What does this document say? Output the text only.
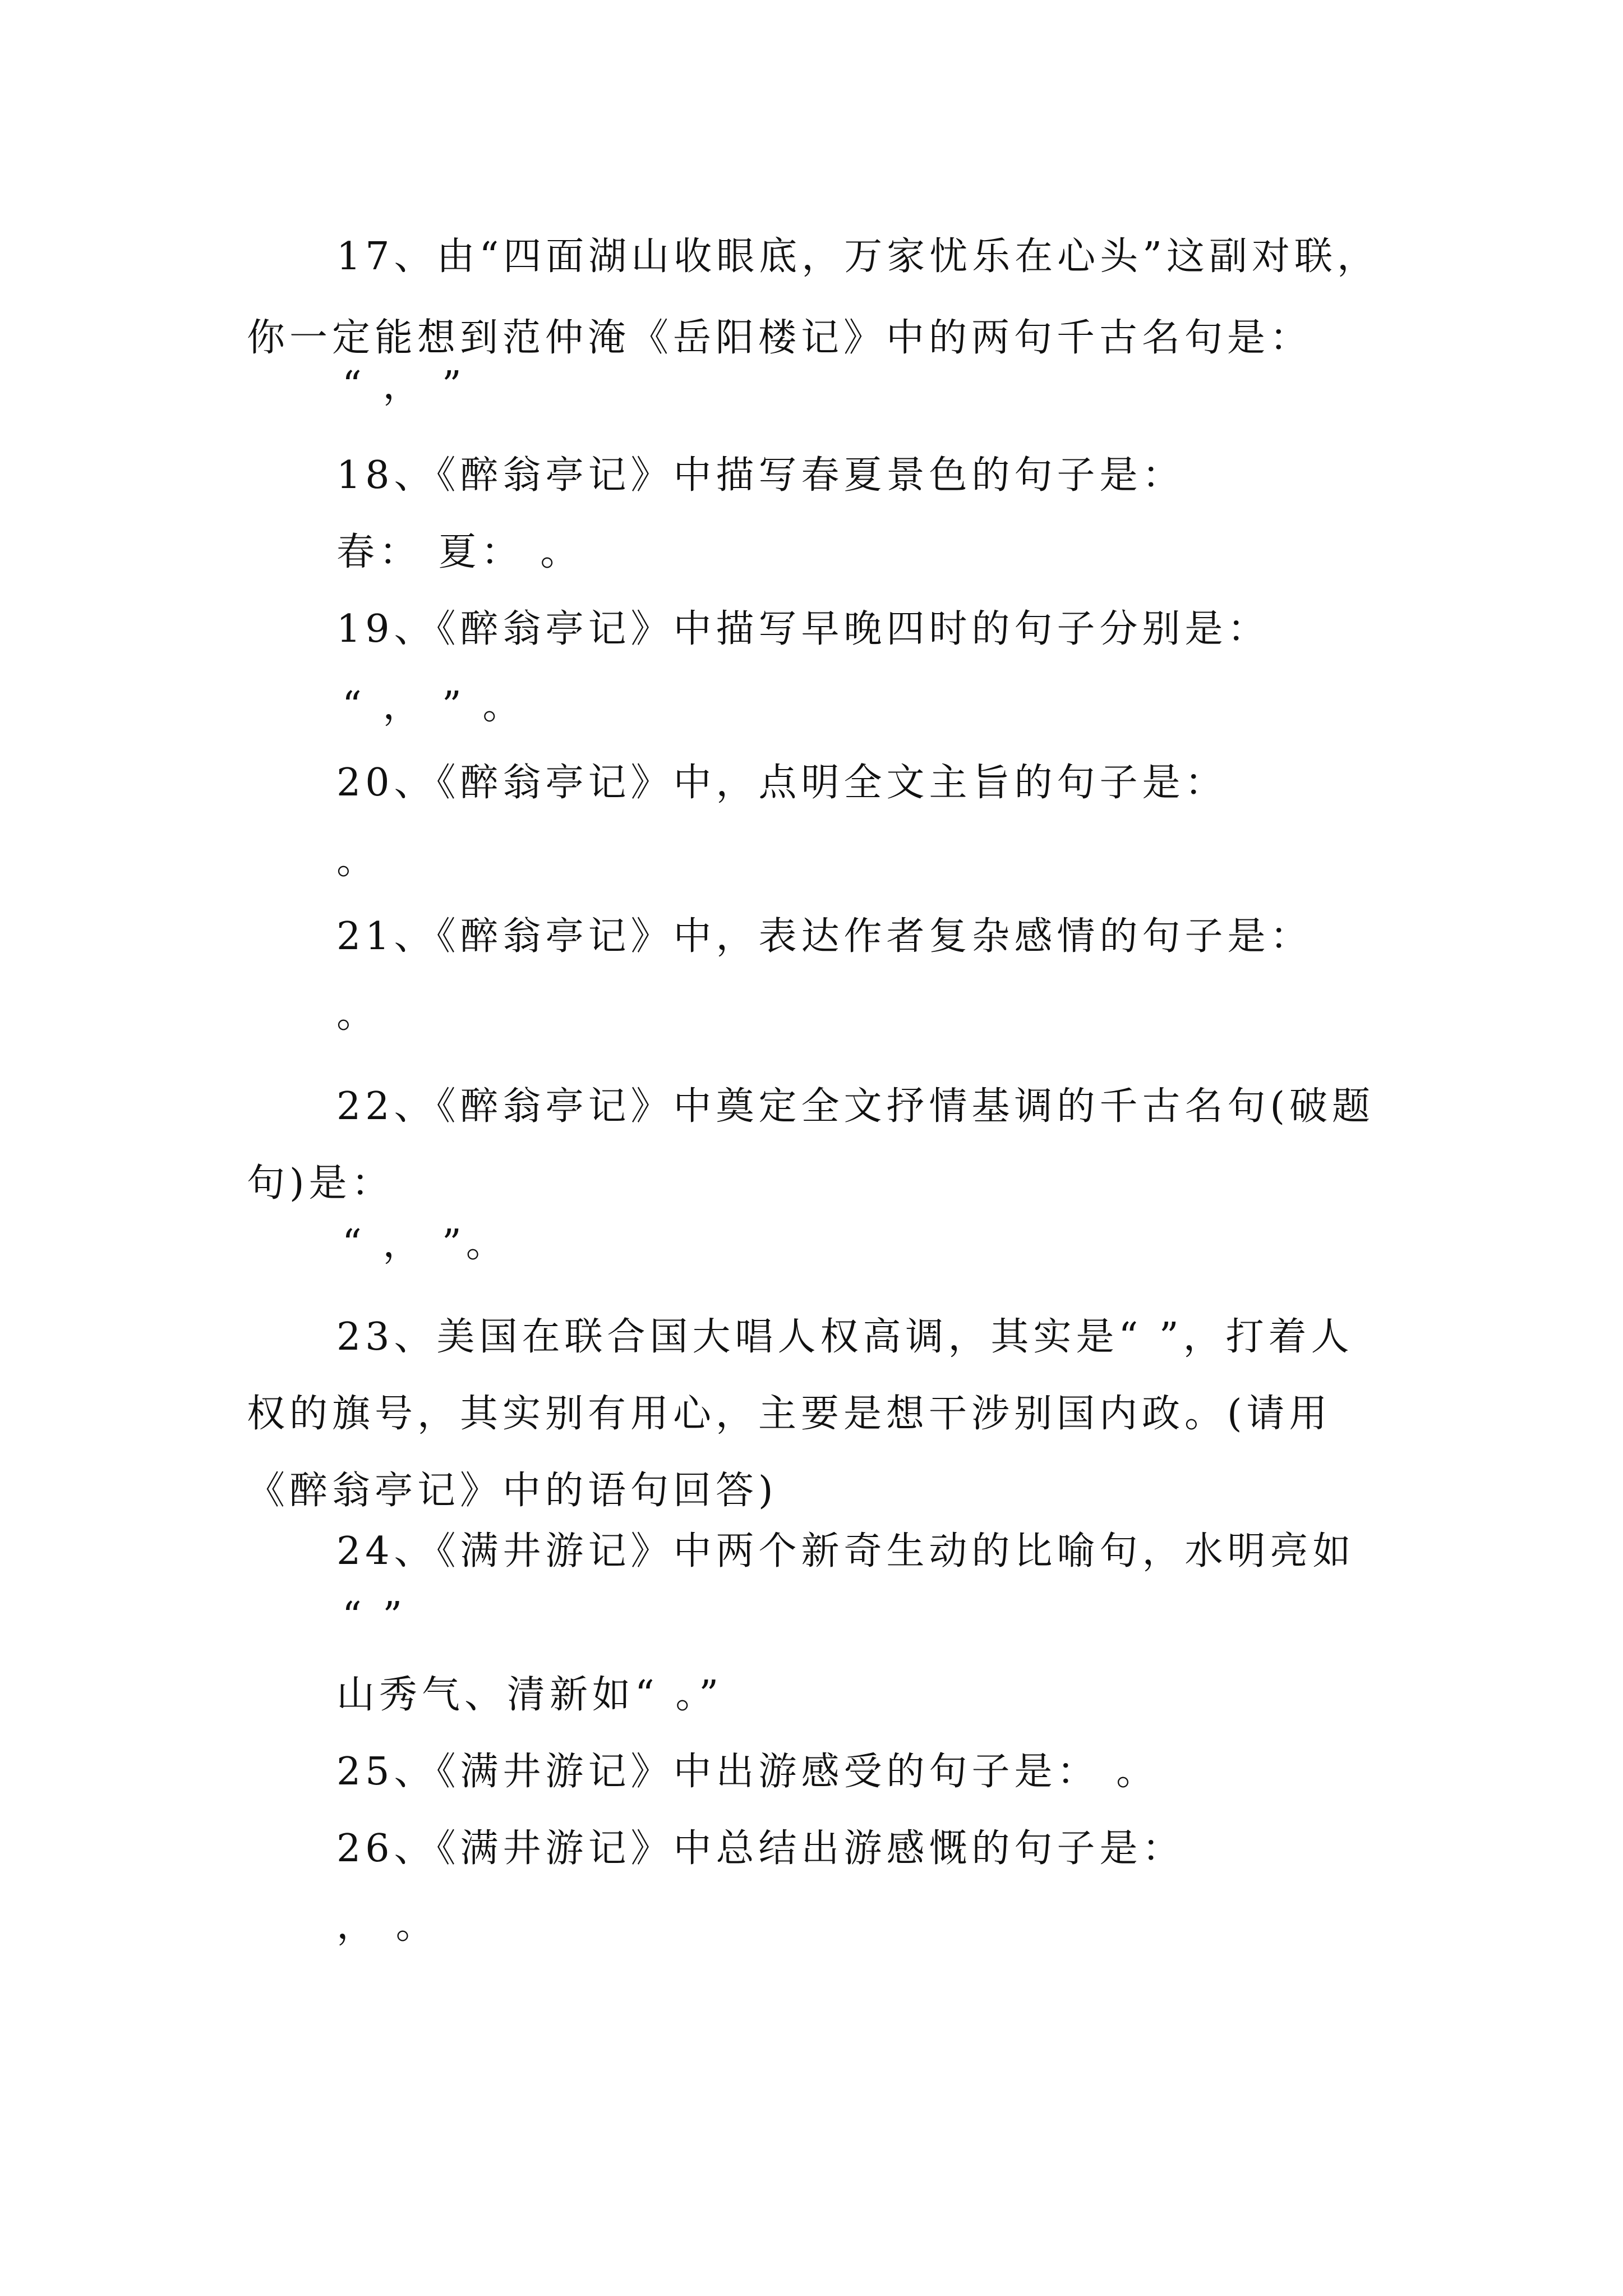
17、由“四面湖山收眼底，万家忧乐在心头”这副对联，你一定能想到范仲淹《岳阳楼记》中的两句千古名句是：
“ ， ”
18、《醉翁亭记》中描写春夏景色的句子是：
春： 夏： 。
19、《醉翁亭记》中描写早晚四时的句子分别是：
“ ， ” 。
20、《醉翁亭记》中，点明全文主旨的句子是：
。
21、《醉翁亭记》中，表达作者复杂感情的句子是：
。
22、《醉翁亭记》中奠定全文抒情基调的千古名句(破题句)是：
“ ， ”。
23、美国在联合国大唱人权高调，其实是“ ”，打着人权的旗号，其实别有用心，主要是想干涉别国内政。(请用《醉翁亭记》中的语句回答)
24、《满井游记》中两个新奇生动的比喻句，水明亮如
“ ”
山秀气、清新如“ 。”
25、《满井游记》中出游感受的句子是： 。
26、《满井游记》中总结出游感慨的句子是：
， 。
